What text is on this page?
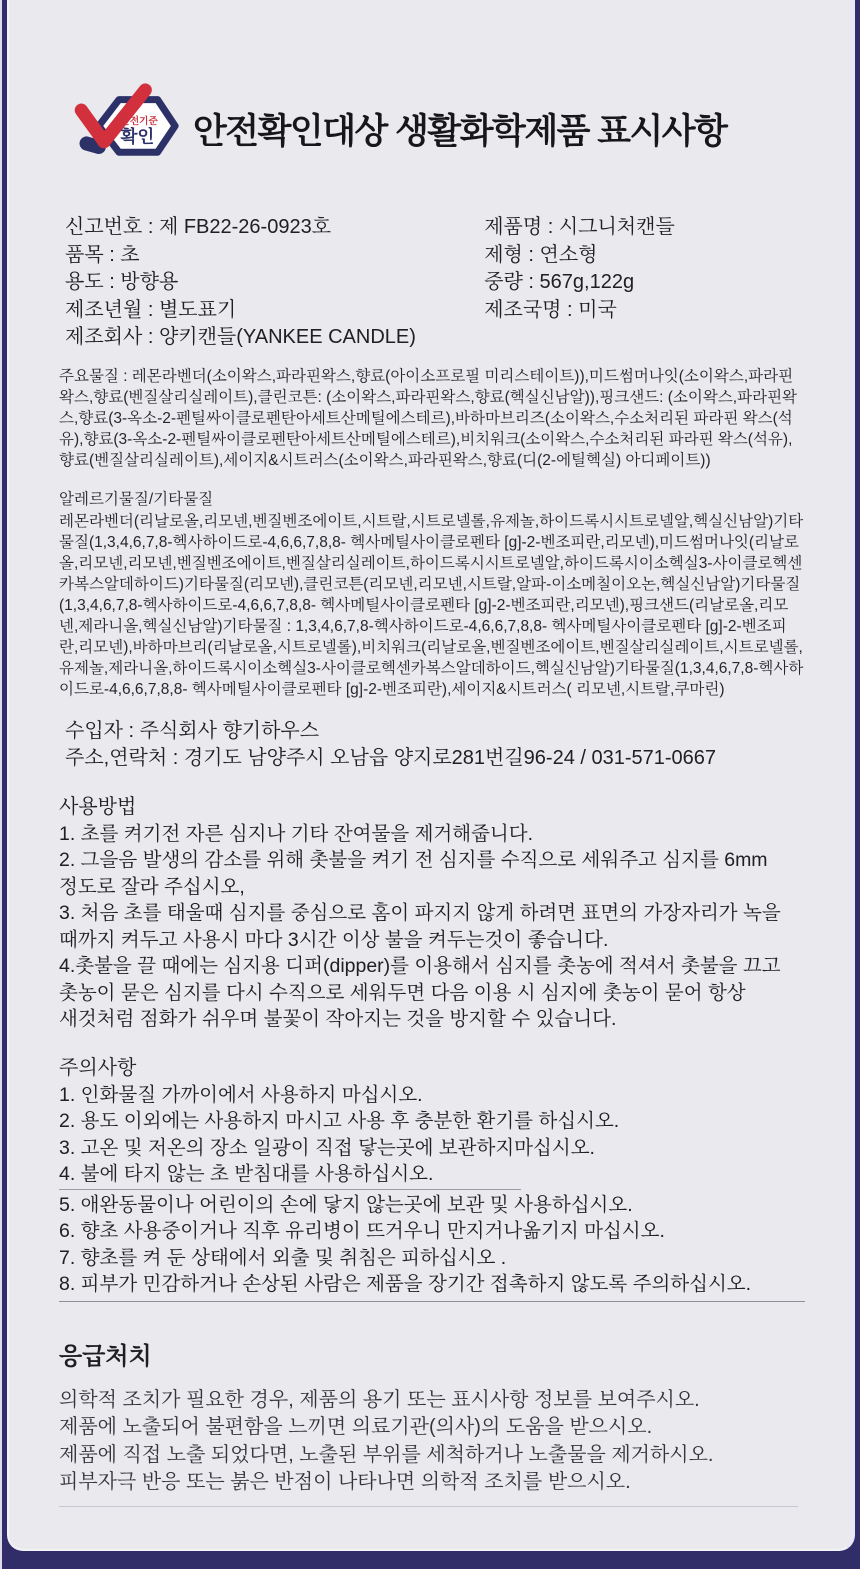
안전기준
확인 안전확인대상 생활화학제품 표시사항
신고번호 : 제 FB22-26-0923호
품목 : 초
용도 : 방향용
제조년월 : 별도표기
제조회사 : 양키캔들(YANKEE CANDLE)
제품명 : 시그니처캔들
제형 : 연소형
중량 : 567g,122g
제조국명 : 미국

주요물질 : 레몬라벤더(소이왁스,파라핀왁스,향료(아이소프로필 미리스테이트)),미드썸머나잇(소이왁스,파라핀왁스,향료(벤질살리실레이트),클린코튼: (소이왁스,파라핀왁스,향료(헥실신남알)),핑크샌드: (소이왁스,파라핀왁스,향료(3-옥소-2-펜틸싸이클로펜탄아세트산메틸에스테르),바하마브리즈(소이왁스,수소처리된 파라핀 왁스(석유),향료(3-옥소-2-펜틸싸이클로펜탄아세트산메틸에스테르),비치워크(소이왁스,수소처리된 파라핀 왁스(석유),향료(벤질살리실레이트),세이지&시트러스(소이왁스,파라핀왁스,향료(디(2-에틸헥실) 아디페이트))

알레르기물질/기타물질
레몬라벤더(리날로올,리모넨,벤질벤조에이트,시트랄,시트로넬롤,유제놀,하이드록시시트로넬알,헥실신남알)기타물질(1,3,4,6,7,8-헥사하이드로-4,6,6,7,8,8- 헥사메틸사이클로펜타 [g]-2-벤조피란,리모넨),미드썸머나잇(리날로올,리모넨,리모넨,벤질벤조에이트,벤질살리실레이트,하이드록시시트로넬알,하이드록시이소헥실3-사이클로헥센카복스알데하이드)기타물질(리모넨),클린코튼(리모넨,리모넨,시트랄,알파-이소메칠이오논,헥실신남알)기타물질(1,3,4,6,7,8-헥사하이드로-4,6,6,7,8,8- 헥사메틸사이클로펜타 [g]-2-벤조피란,리모넨),핑크샌드(리날로올,리모넨,제라니올,헥실신남알)기타물질 : 1,3,4,6,7,8-헥사하이드로-4,6,6,7,8,8- 헥사메틸사이클로펜타 [g]-2-벤조피란,리모넨),바하마브리(리날로올,시트로넬롤),비치워크(리날로올,벤질벤조에이트,벤질살리실레이트,시트로넬롤,유제놀,제라니올,하이드록시이소헥실3-사이클로헥센카복스알데하이드,헥실신남알)기타물질(1,3,4,6,7,8-헥사하이드로-4,6,6,7,8,8- 헥사메틸사이클로펜타 [g]-2-벤조피란),세이지&시트러스( 리모넨,시트랄,쿠마린)
수입자 : 주식회사 향기하우스
주소,연락처 : 경기도 남양주시 오남읍 양지로281번길96-24 / 031-571-0667
사용방법
1. 초를 켜기전 자른 심지나 기타 잔여물을 제거해줍니다.
2. 그을음 발생의 감소를 위해 촛불을 켜기 전 심지를 수직으로 세워주고 심지를 6mm 정도로 잘라 주십시오,
3. 처음 초를 태울때 심지를 중심으로 홈이 파지지 않게 하려면 표면의 가장자리가 녹을 때까지 켜두고 사용시 마다 3시간 이상 불을 켜두는것이 좋습니다.
4.촛불을 끌 때에는 심지용 디퍼(dipper)를 이용해서 심지를 촛농에 적셔서 촛불을 끄고 촛농이 묻은 심지를 다시 수직으로 세워두면 다음 이용 시 심지에 촛농이 묻어 항상 새것처럼 점화가 쉬우며 불꽃이 작아지는 것을 방지할 수 있습니다.
주의사항
1. 인화물질 가까이에서 사용하지 마십시오.
2. 용도 이외에는 사용하지 마시고 사용 후 충분한 환기를 하십시오.
3. 고온 및 저온의 장소 일광이 직접 닿는곳에 보관하지마십시오.
4. 불에 타지 않는 초 받침대를 사용하십시오.
5. 애완동물이나 어린이의 손에 닿지 않는곳에 보관 및 사용하십시오.
6. 향초 사용중이거나 직후 유리병이 뜨거우니 만지거나옮기지 마십시오.
7. 향초를 켜 둔 상태에서 외출 및 취침은 피하십시오 .
8. 피부가 민감하거나 손상된 사람은 제품을 장기간 접촉하지 않도록 주의하십시오.
응급처치
의학적 조치가 필요한 경우, 제품의 용기 또는 표시사항 정보를 보여주시오.
제품에 노출되어 불편함을 느끼면 의료기관(의사)의 도움을 받으시오.
제품에 직접 노출 되었다면, 노출된 부위를 세척하거나 노출물을 제거하시오.
피부자극 반응 또는 붉은 반점이 나타나면 의학적 조치를 받으시오.
